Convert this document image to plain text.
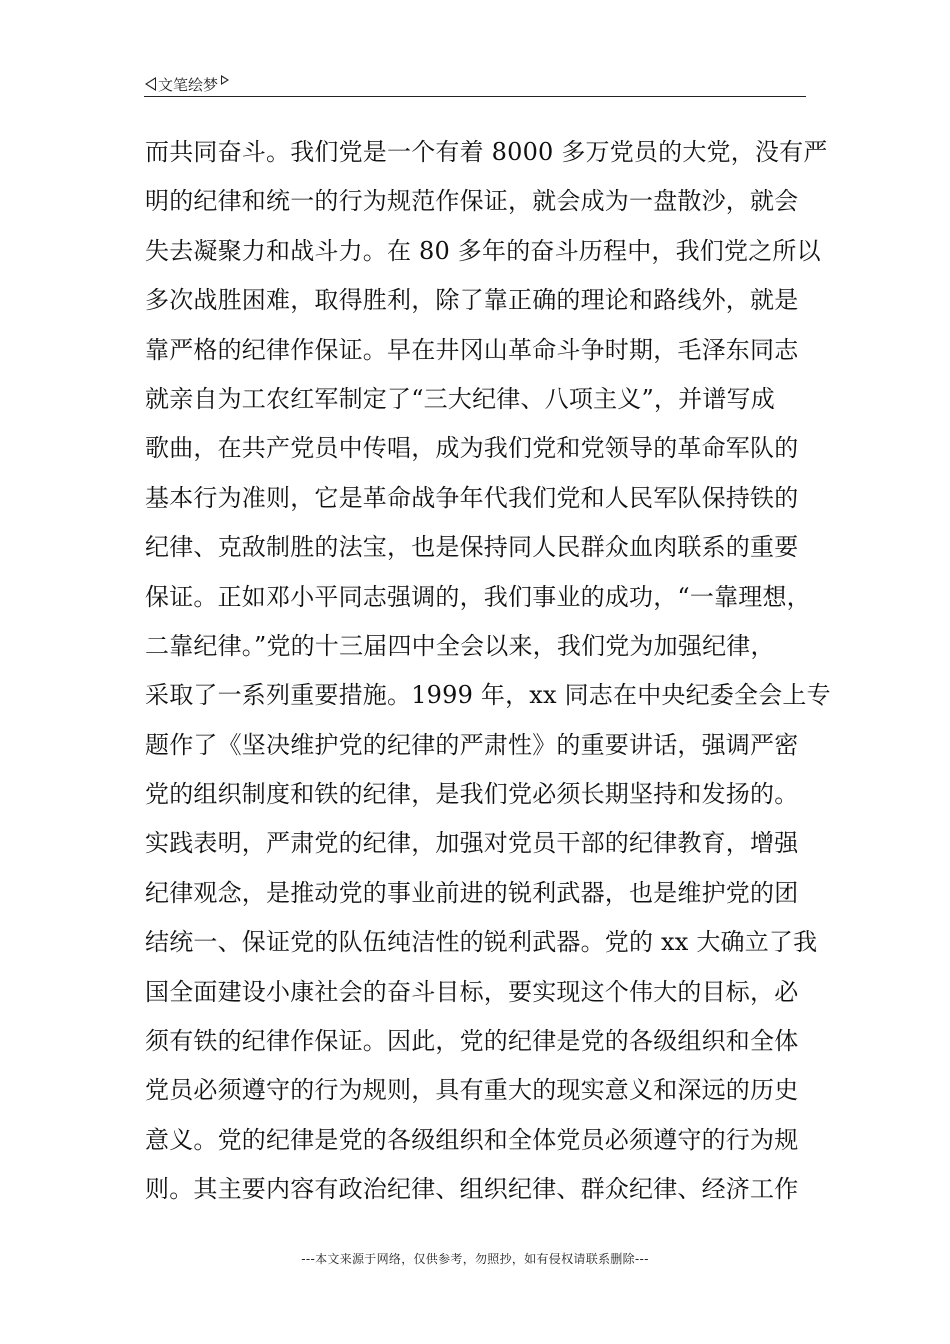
文笔绘梦
而共同奋斗。我们党是一个有着 8000 多万党员的大党，没有严
明的纪律和统一的行为规范作保证，就会成为一盘散沙，就会
失去凝聚力和战斗力。在 80 多年的奋斗历程中，我们党之所以
多次战胜困难，取得胜利，除了靠正确的理论和路线外，就是
靠严格的纪律作保证。早在井冈山革命斗争时期，毛泽东同志
就亲自为工农红军制定了“三大纪律、八项主义”，并谱写成
歌曲，在共产党员中传唱，成为我们党和党领导的革命军队的
基本行为准则，它是革命战争年代我们党和人民军队保持铁的
纪律、克敌制胜的法宝，也是保持同人民群众血肉联系的重要
保证。正如邓小平同志强调的，我们事业的成功，“一靠理想，
二靠纪律。”党的十三届四中全会以来，我们党为加强纪律，
采取了一系列重要措施。1999 年，xx 同志在中央纪委全会上专
题作了《坚决维护党的纪律的严肃性》的重要讲话，强调严密
党的组织制度和铁的纪律，是我们党必须长期坚持和发扬的。
实践表明，严肃党的纪律，加强对党员干部的纪律教育，增强
纪律观念，是推动党的事业前进的锐利武器，也是维护党的团
结统一、保证党的队伍纯洁性的锐利武器。党的 xx 大确立了我
国全面建设小康社会的奋斗目标，要实现这个伟大的目标，必
须有铁的纪律作保证。因此，党的纪律是党的各级组织和全体
党员必须遵守的行为规则，具有重大的现实意义和深远的历史
意义。党的纪律是党的各级组织和全体党员必须遵守的行为规
则。其主要内容有政治纪律、组织纪律、群众纪律、经济工作
---本文来源于网络，仅供参考，勿照抄，如有侵权请联系删除---
